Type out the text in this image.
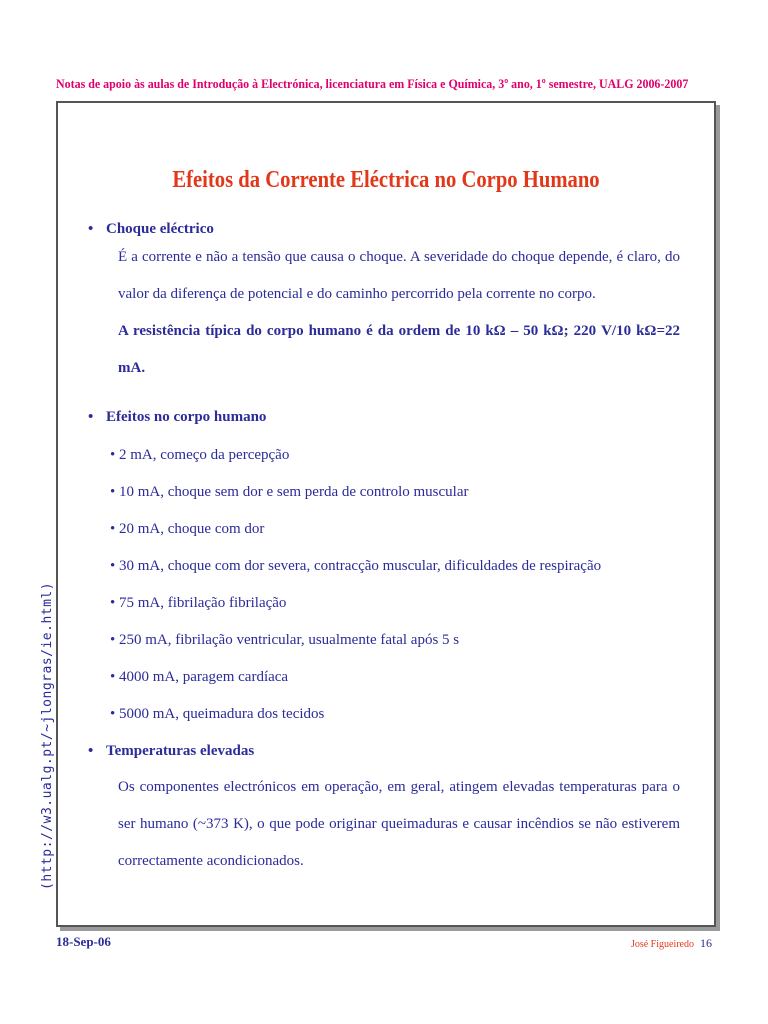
Notas de apoio às aulas de Introdução à Electrónica, licenciatura em Física e Química, 3º ano, 1º semestre, UALG 2006-2007
(http://w3.ualg.pt/~jlongras/ie.html)
Efeitos da Corrente Eléctrica no Corpo Humano
• Choque eléctrico
É a corrente e não a tensão que causa o choque. A severidade do choque depende, é claro, do valor da diferença de potencial e do caminho percorrido pela corrente no corpo.
A resistência típica do corpo humano é da ordem de 10 kΩ – 50 kΩ; 220 V/10 kΩ=22 mA.
• Efeitos no corpo humano
• 2 mA, começo da percepção
• 10 mA, choque sem dor e sem perda de controlo muscular
• 20 mA, choque com dor
• 30 mA, choque com dor severa, contracção muscular, dificuldades de respiração
• 75 mA, fibrilação fibrilação
• 250 mA, fibrilação ventricular, usualmente fatal após 5 s
• 4000 mA, paragem cardíaca
• 5000 mA, queimadura dos tecidos
• Temperaturas elevadas
Os componentes electrónicos em operação, em geral, atingem elevadas temperaturas para o ser humano (~373 K), o que pode originar queimaduras e causar incêndios se não estiverem correctamente acondicionados.
18-Sep-06	José Figueiredo 16
